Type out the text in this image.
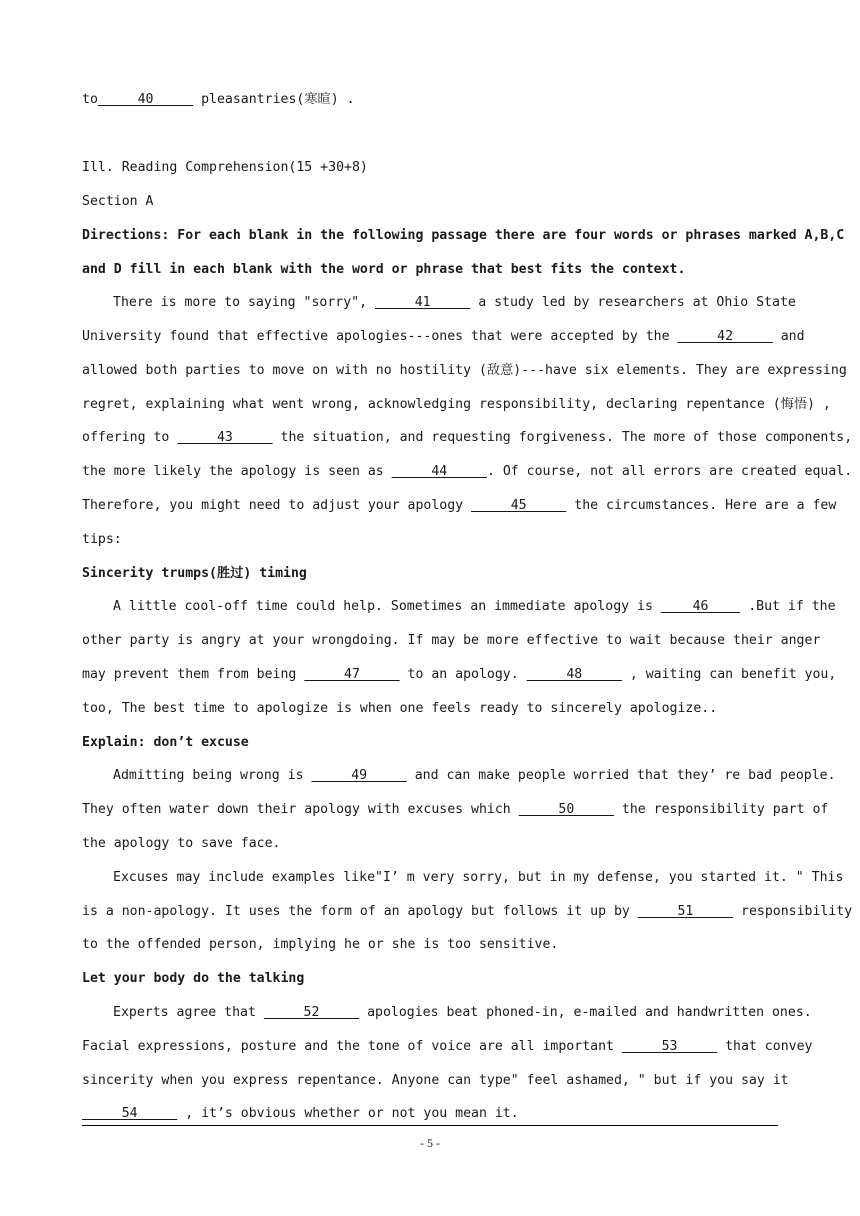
to     40      pleasantries(寒暄) .
Ill. Reading Comprehension(15 +30+8)
Section A
Directions: For each blank in the following passage there are four words or phrases marked A,B,C
and D fill in each blank with the word or phrase that best fits the context.
There is more to saying "sorry",      41      a study led by researchers at Ohio State
University found that effective apologies---ones that were accepted by the      42      and
allowed both parties to move on with no hostility (敌意)---have six elements. They are expressing
regret, explaining what went wrong, acknowledging responsibility, declaring repentance (悔悟) ,
offering to      43      the situation, and requesting forgiveness. The more of those components,
the more likely the apology is seen as      44     . Of course, not all errors are created equal.
Therefore, you might need to adjust your apology      45      the circumstances. Here are a few
tips:
Sincerity trumps(胜过) timing
A little cool-off time could help. Sometimes an immediate apology is     46     .But if the
other party is angry at your wrongdoing. If may be more effective to wait because their anger
may prevent them from being      47      to an apology.      48      , waiting can benefit you,
too, The best time to apologize is when one feels ready to sincerely apologize..
Explain: don’t excuse
Admitting being wrong is      49      and can make people worried that they’ re bad people.
They often water down their apology with excuses which      50      the responsibility part of
the apology to save face.
Excuses may include examples like"I’ m very sorry, but in my defense, you started it. " This
is a non-apology. It uses the form of an apology but follows it up by      51      responsibility
to the offended person, implying he or she is too sensitive.
Let your body do the talking
Experts agree that      52      apologies beat phoned-in, e-mailed and handwritten ones.
Facial expressions, posture and the tone of voice are all important      53      that convey
sincerity when you express repentance. Anyone can type" feel ashamed, " but if you say it
54      , it’s obvious whether or not you mean it.
- 5 -
